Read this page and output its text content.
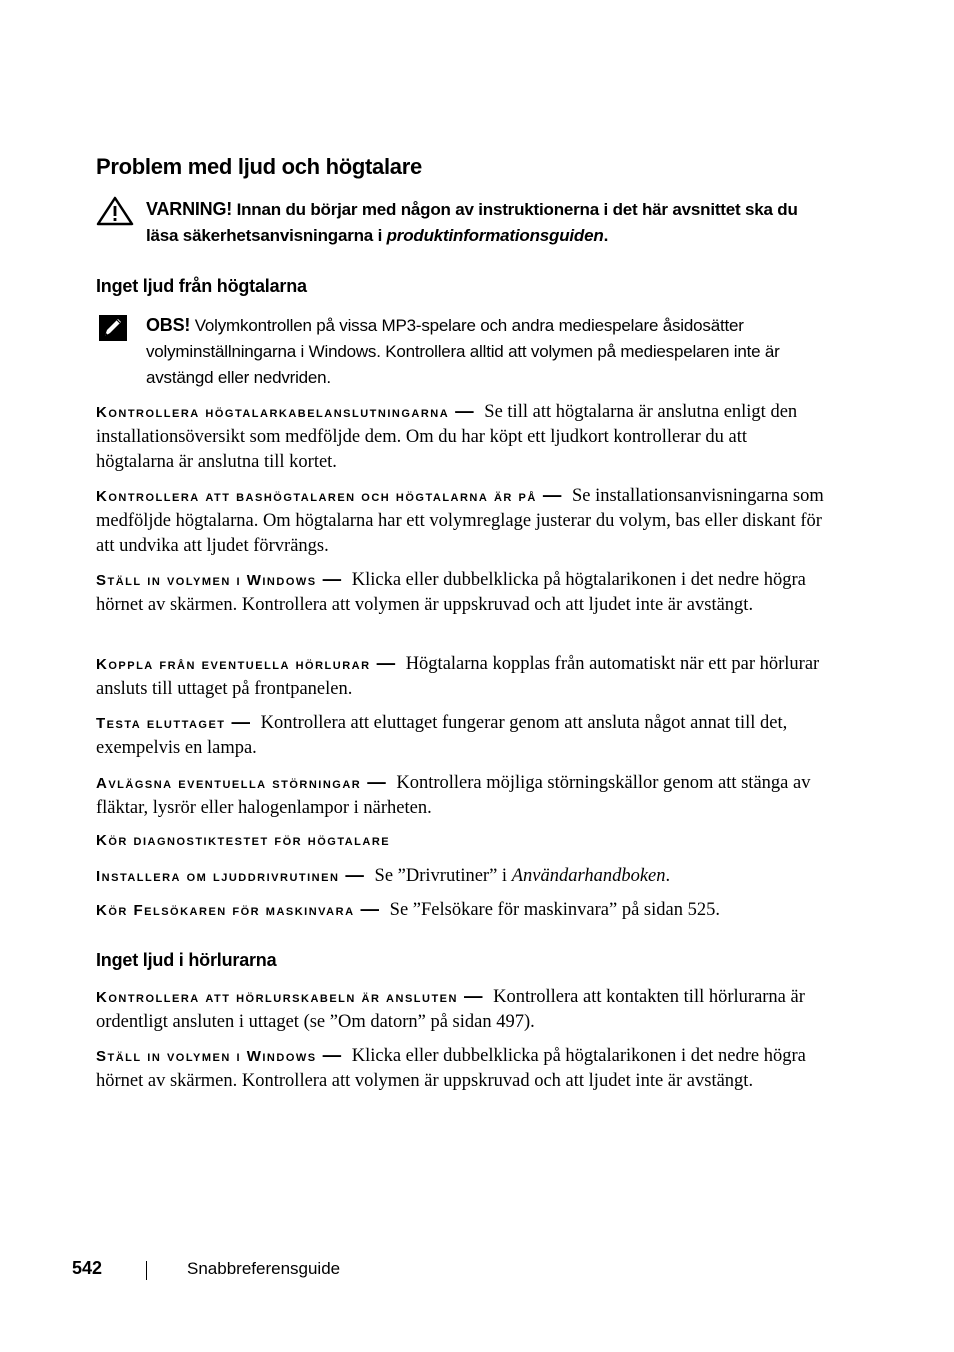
Problem med ljud och högtalare
VARNING! Innan du börjar med någon av instruktionerna i det här avsnittet ska du läsa säkerhetsanvisningarna i produktinformationsguiden.
Inget ljud från högtalarna
OBS! Volymkontrollen på vissa MP3-spelare och andra mediespelare åsidosätter volyminställningarna i Windows. Kontrollera alltid att volymen på mediespelaren inte är avstängd eller nedvriden.
Kontrollera högtalarkabelanslutningarna — Se till att högtalarna är anslutna enligt den installationsöversikt som medföljde dem. Om du har köpt ett ljudkort kontrollerar du att högtalarna är anslutna till kortet.
Kontrollera att bashögtalaren och högtalarna är på — Se installationsanvisningarna som medföljde högtalarna. Om högtalarna har ett volymreglage justerar du volym, bas eller diskant för att undvika att ljudet förvrängs.
Ställ in volymen i Windows — Klicka eller dubbelklicka på högtalarikonen i det nedre högra hörnet av skärmen. Kontrollera att volymen är uppskruvad och att ljudet inte är avstängt.
Koppla från eventuella hörlurar — Högtalarna kopplas från automatiskt när ett par hörlurar ansluts till uttaget på frontpanelen.
Testa eluttaget — Kontrollera att eluttaget fungerar genom att ansluta något annat till det, exempelvis en lampa.
Avlägsna eventuella störningar — Kontrollera möjliga störningskällor genom att stänga av fläktar, lysrör eller halogenlampor i närheten.
Kör diagnostiktestet för högtalare
Installera om ljuddrivrutinen — Se ”Drivrutiner” i Användarhandboken.
Kör Felsökaren för maskinvara — Se ”Felsökare för maskinvara” på sidan 525.
Inget ljud i hörlurarna
Kontrollera att hörlurskabeln är ansluten — Kontrollera att kontakten till hörlurarna är ordentligt ansluten i uttaget (se ”Om datorn” på sidan 497).
Ställ in volymen i Windows — Klicka eller dubbelklicka på högtalarikonen i det nedre högra hörnet av skärmen. Kontrollera att volymen är uppskruvad och att ljudet inte är avstängt.
542	Snabbreferensguide
